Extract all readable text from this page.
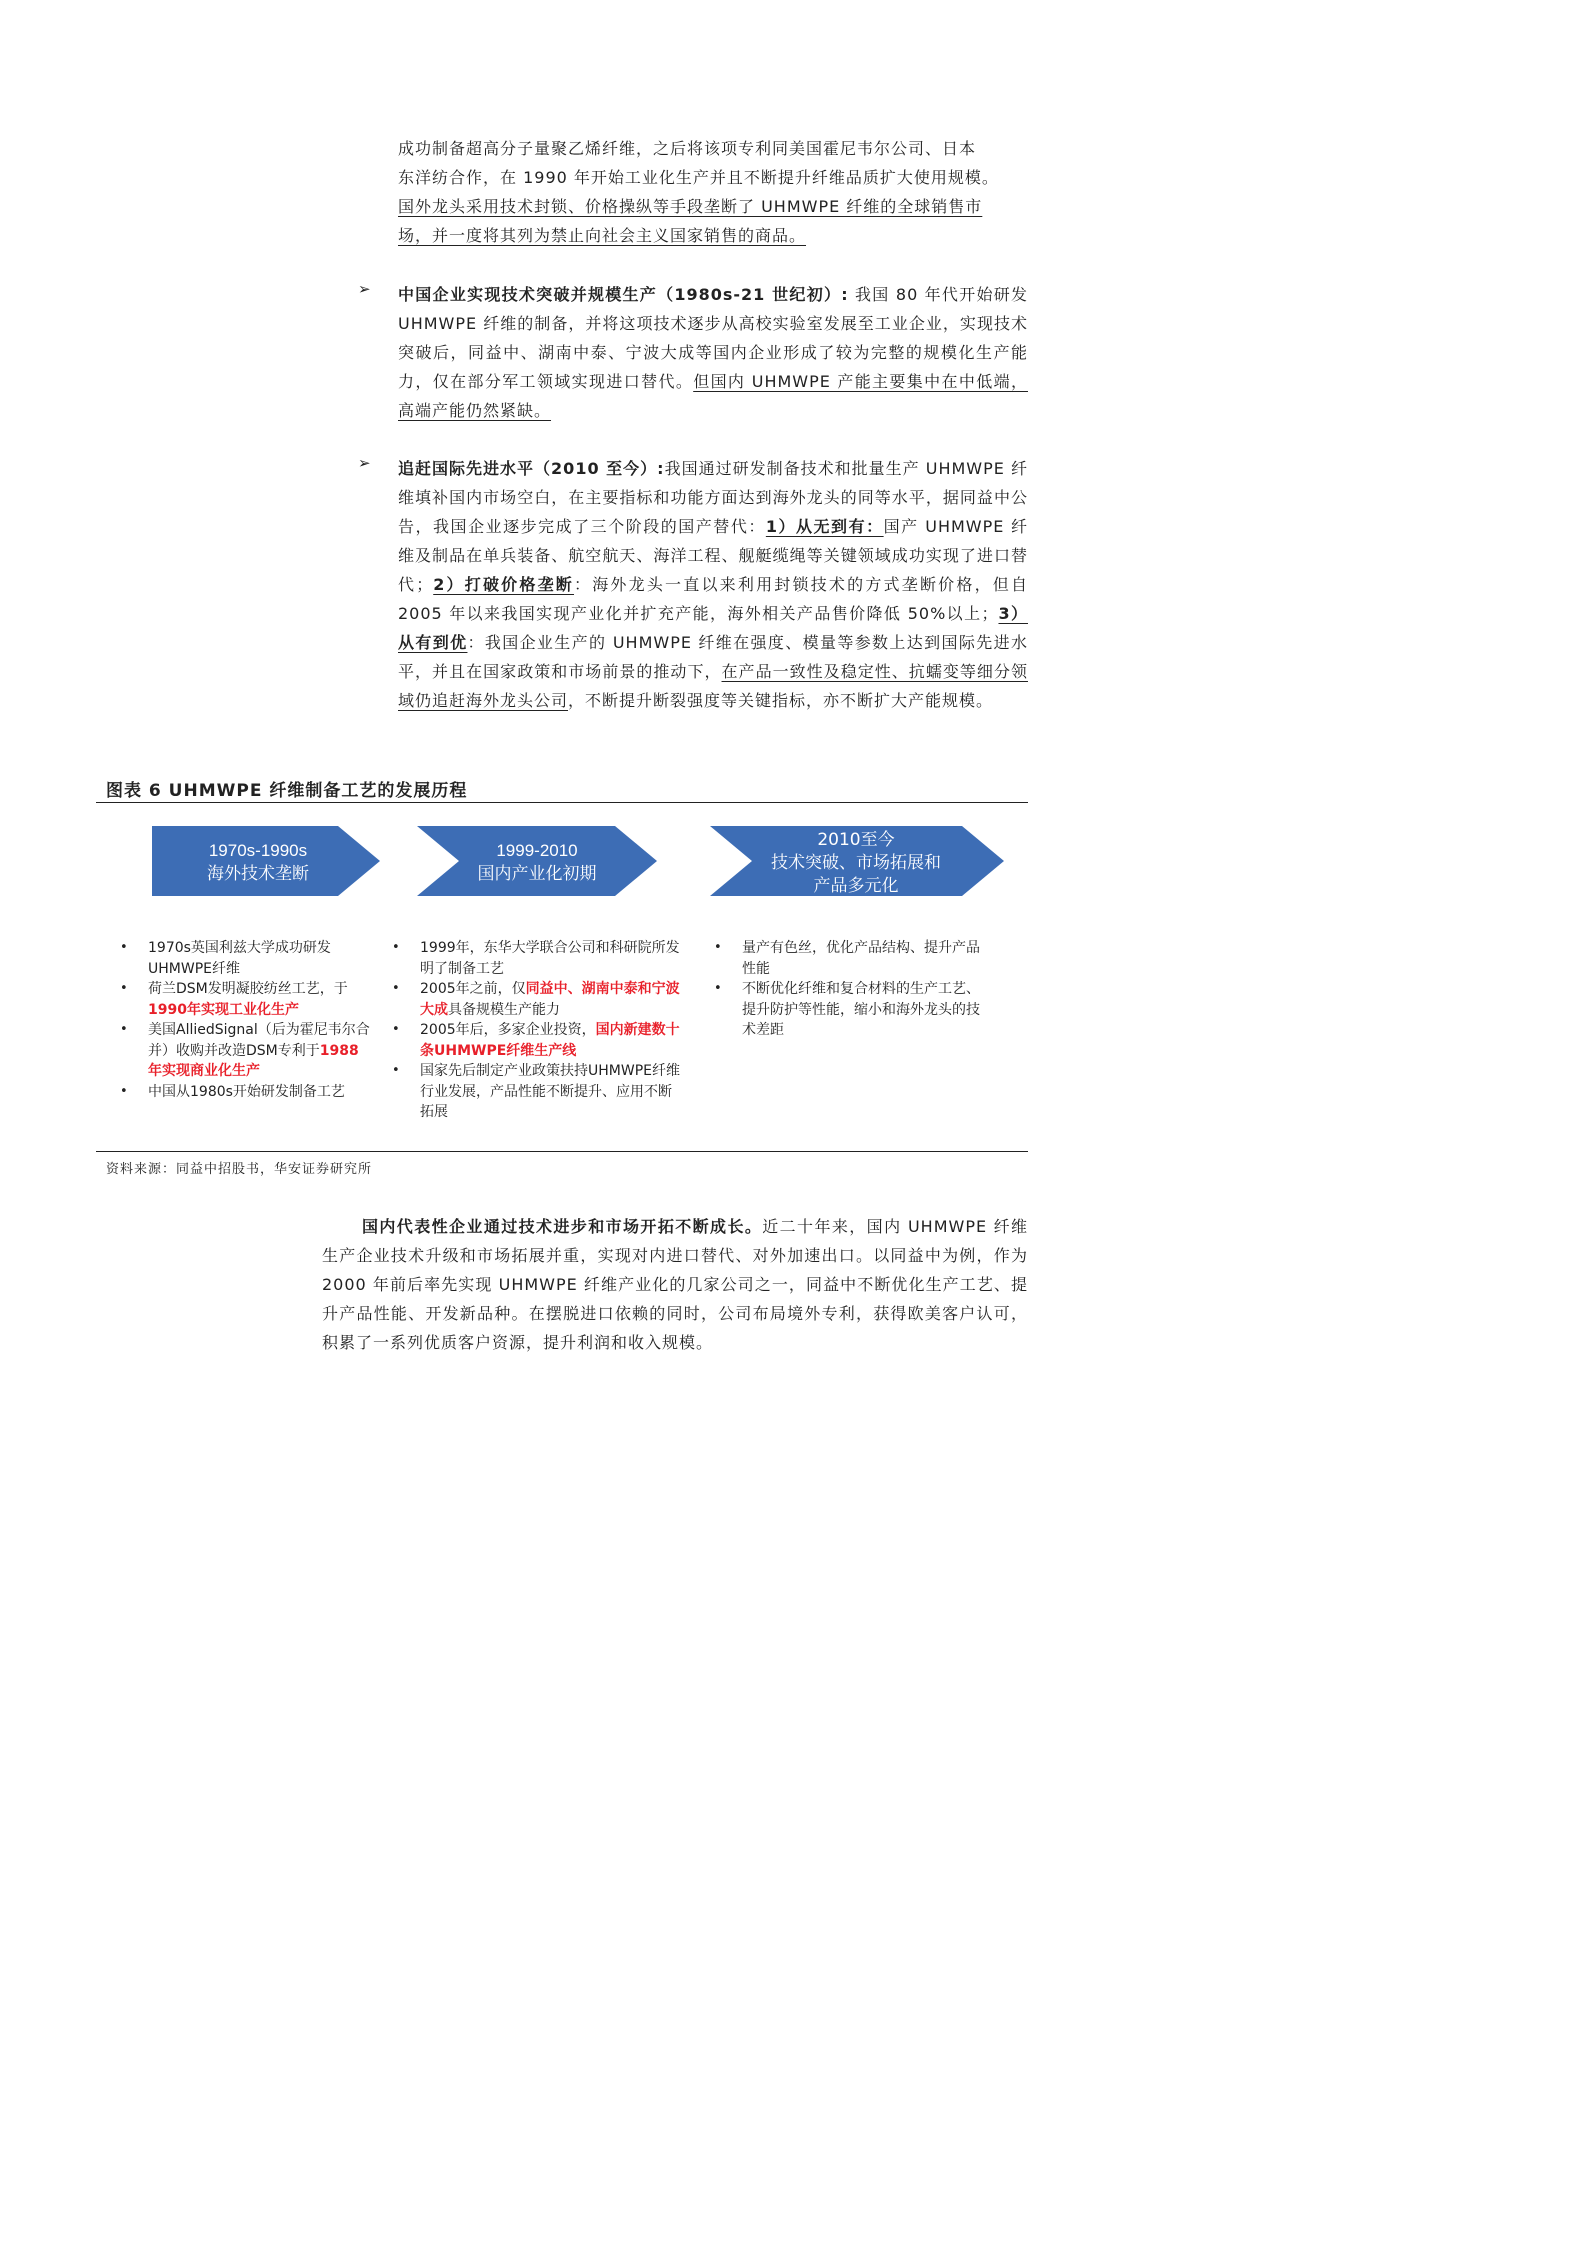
成功制备超高分子量聚乙烯纤维，之后将该项专利同美国霍尼韦尔公司、日本

东洋纺合作，在 1990 年开始工业化生产并且不断提升纤维品质扩大使用规模。

国外龙头采用技术封锁、价格操纵等手段垄断了 UHMWPE 纤维的全球销售市

场，并一度将其列为禁止向社会主义国家销售的商品。

➢ 中国企业实现技术突破并规模生产（1980s-21 世纪初）: 我国 80 年代开始研发 UHMWPE 纤维的制备，并将这项技术逐步从高校实验室发展至工业企业，实现技术突破后，同益中、湖南中泰、宁波大成等国内企业形成了较为完整的规模化生产能力，仅在部分军工领域实现进口替代。但国内 UHMWPE 产能主要集中在中低端，高端产能仍然紧缺。

➢ 追赶国际先进水平（2010 至今）:我国通过研发制备技术和批量生产 UHMWPE 纤维填补国内市场空白，在主要指标和功能方面达到海外龙头的同等水平，据同益中公告，我国企业逐步完成了三个阶段的国产替代：1）从无到有：国产 UHMWPE 纤维及制品在单兵装备、航空航天、海洋工程、舰艇缆绳等关键领域成功实现了进口替代；2）打破价格垄断：海外龙头一直以来利用封锁技术的方式垄断价格，但自 2005 年以来我国实现产业化并扩充产能，海外相关产品售价降低 50%以上；3）从有到优：我国企业生产的 UHMWPE 纤维在强度、模量等参数上达到国际先进水平，并且在国家政策和市场前景的推动下，在产品一致性及稳定性、抗蠕变等细分领域仍追赶海外龙头公司，不断提升断裂强度等关键指标，亦不断扩大产能规模。

图表 6 UHMWPE 纤维制备工艺的发展历程
1970s-1990s
海外技术垄断
1999-2010
国内产业化初期
2010至今
技术突破、市场拓展和
产品多元化
• 1970s英国利兹大学成功研发UHMWPE纤维
• 荷兰DSM发明凝胶纺丝工艺，于1990年实现工业化生产
• 美国AlliedSignal（后为霍尼韦尔合并）收购并改造DSM专利于1988年实现商业化生产
• 中国从1980s开始研发制备工艺
• 1999年，东华大学联合公司和科研院所发明了制备工艺
• 2005年之前，仅同益中、湖南中泰和宁波大成具备规模生产能力
• 2005年后，多家企业投资，国内新建数十条UHMWPE纤维生产线
• 国家先后制定产业政策扶持UHMWPE纤维行业发展，产品性能不断提升、应用不断拓展
• 量产有色丝，优化产品结构、提升产品性能
• 不断优化纤维和复合材料的生产工艺、提升防护等性能，缩小和海外龙头的技术差距
资料来源：同益中招股书，华安证券研究所

国内代表性企业通过技术进步和市场开拓不断成长。近二十年来，国内 UHMWPE 纤维生产企业技术升级和市场拓展并重，实现对内进口替代、对外加速出口。以同益中为例，作为 2000 年前后率先实现 UHMWPE 纤维产业化的几家公司之一，同益中不断优化生产工艺、提升产品性能、开发新品种。在摆脱进口依赖的同时，公司布局境外专利，获得欧美客户认可，积累了一系列优质客户资源，提升利润和收入规模。
